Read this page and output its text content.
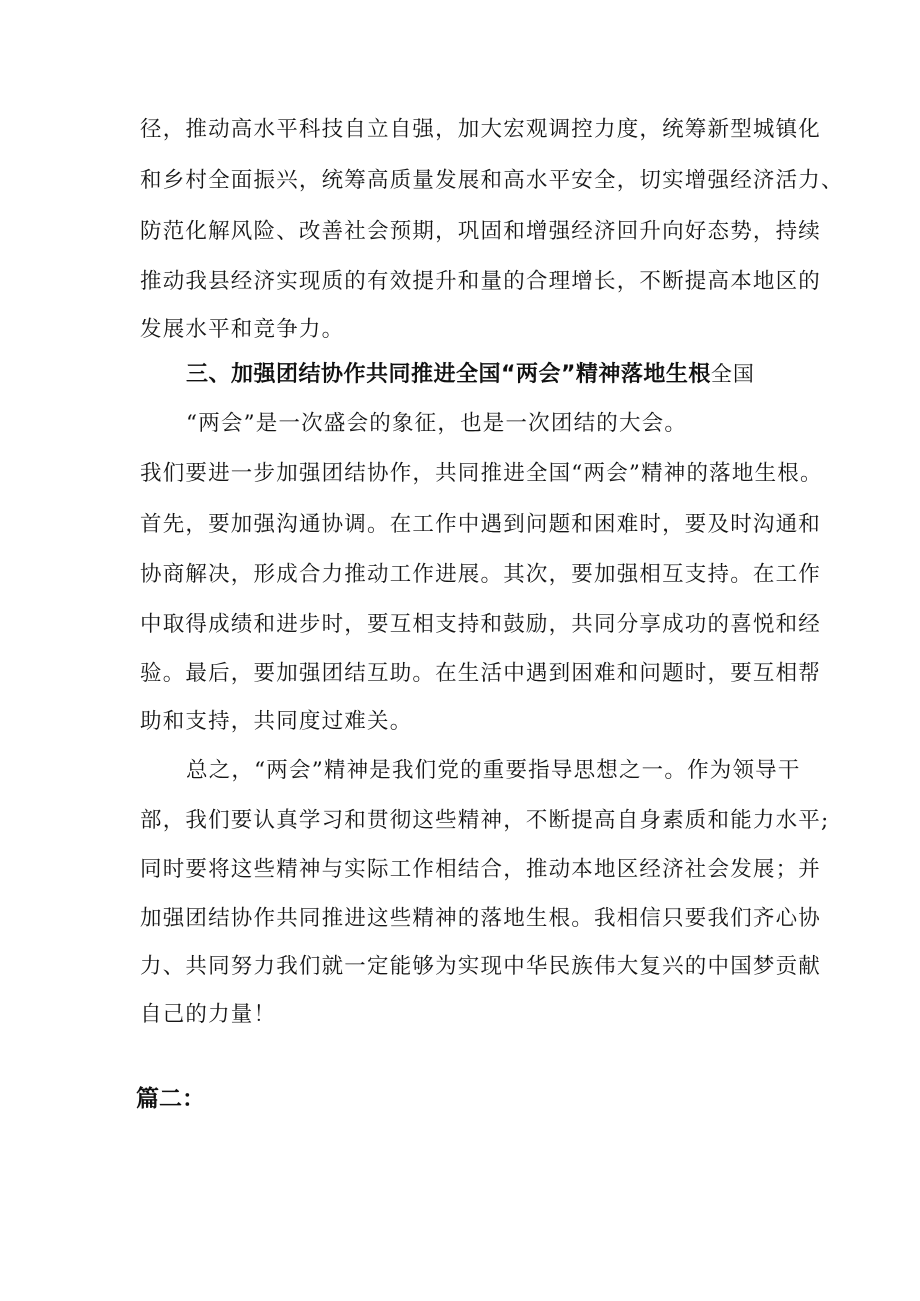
径，推动高水平科技自立自强，加大宏观调控力度，统筹新型城镇化
和乡村全面振兴，统筹高质量发展和高水平安全，切实增强经济活力、
防范化解风险、改善社会预期，巩固和增强经济回升向好态势，持续
推动我县经济实现质的有效提升和量的合理增长，不断提高本地区的
发展水平和竞争力。
三、加强团结协作共同推进全国“两会”精神落地生根全国
“两会”是一次盛会的象征，也是一次团结的大会。
我们要进一步加强团结协作，共同推进全国“两会”精神的落地生根。
首先，要加强沟通协调。在工作中遇到问题和困难时，要及时沟通和
协商解决，形成合力推动工作进展。其次，要加强相互支持。在工作
中取得成绩和进步时，要互相支持和鼓励，共同分享成功的喜悦和经
验。最后，要加强团结互助。在生活中遇到困难和问题时，要互相帮
助和支持，共同度过难关。
总之，“两会”精神是我们党的重要指导思想之一。作为领导干
部，我们要认真学习和贯彻这些精神，不断提高自身素质和能力水平;
同时要将这些精神与实际工作相结合，推动本地区经济社会发展；并
加强团结协作共同推进这些精神的落地生根。我相信只要我们齐心协
力、共同努力我们就一定能够为实现中华民族伟大复兴的中国梦贡献
自己的力量！
篇二：
